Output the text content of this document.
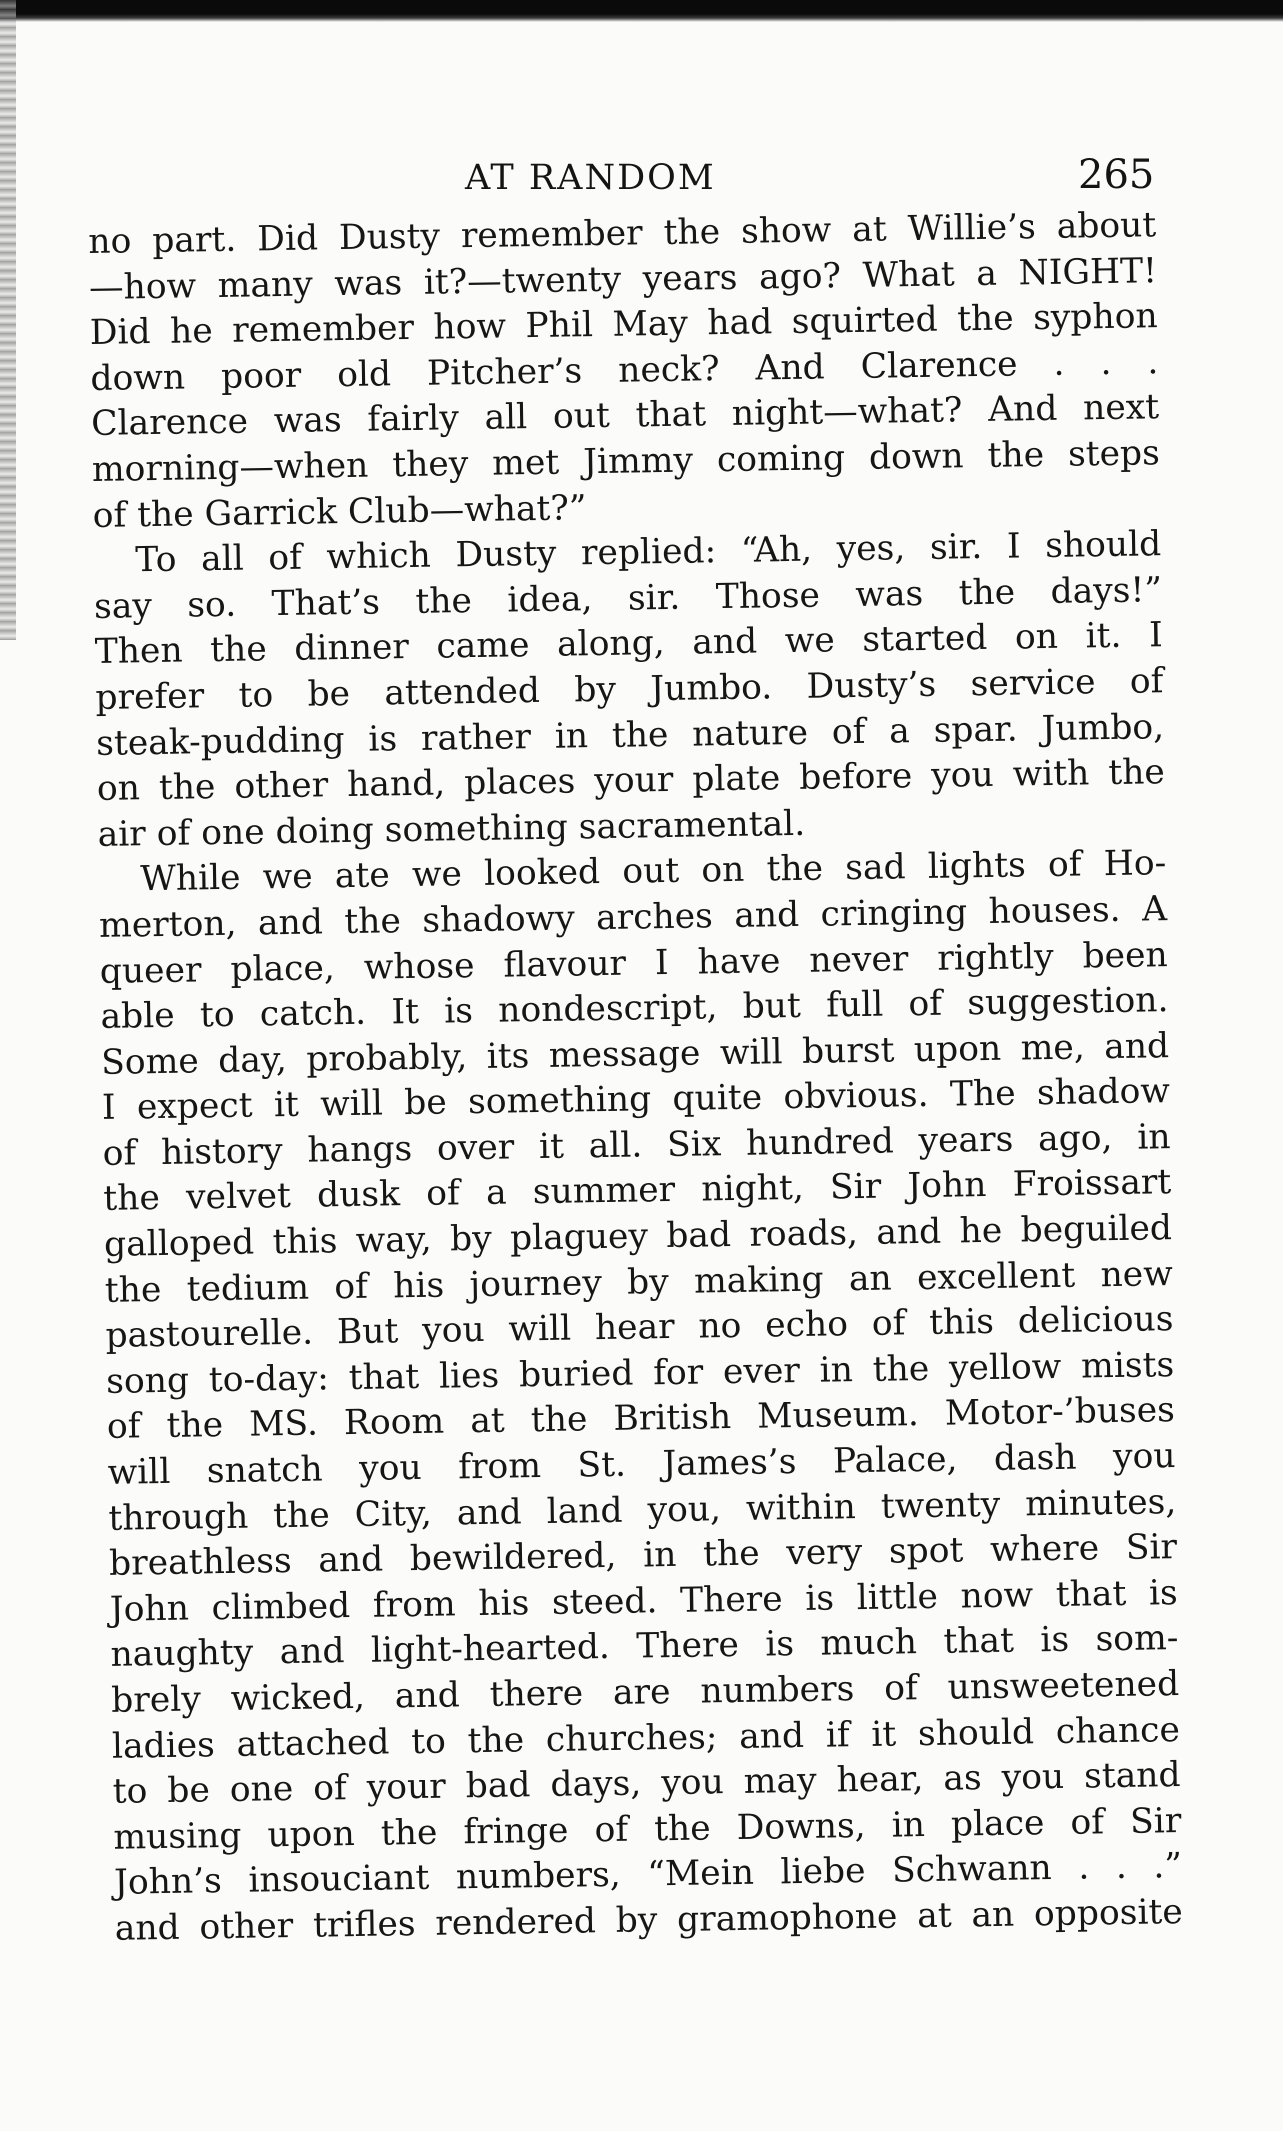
AT RANDOM	265
no part. Did Dusty remember the show at Willie’s about
—how many was it?—twenty years ago? What a NIGHT!
Did he remember how Phil May had squirted the syphon
down poor old Pitcher’s neck? And Clarence . . .
Clarence was fairly all out that night—what? And next
morning—when they met Jimmy coming down the steps
of the Garrick Club—what?”
To all of which Dusty replied: “Ah, yes, sir. I should
say so. That’s the idea, sir. Those was the days!”
Then the dinner came along, and we started on it. I
prefer to be attended by Jumbo. Dusty’s service of
steak-pudding is rather in the nature of a spar. Jumbo,
on the other hand, places your plate before you with the
air of one doing something sacramental.
While we ate we looked out on the sad lights of Ho-
merton, and the shadowy arches and cringing houses. A
queer place, whose flavour I have never rightly been
able to catch. It is nondescript, but full of suggestion.
Some day, probably, its message will burst upon me, and
I expect it will be something quite obvious. The shadow
of history hangs over it all. Six hundred years ago, in
the velvet dusk of a summer night, Sir John Froissart
galloped this way, by plaguey bad roads, and he beguiled
the tedium of his journey by making an excellent new
pastourelle. But you will hear no echo of this delicious
song to-day: that lies buried for ever in the yellow mists
of the MS. Room at the British Museum. Motor-’buses
will snatch you from St. James’s Palace, dash you
through the City, and land you, within twenty minutes,
breathless and bewildered, in the very spot where Sir
John climbed from his steed. There is little now that is
naughty and light-hearted. There is much that is som-
brely wicked, and there are numbers of unsweetened
ladies attached to the churches; and if it should chance
to be one of your bad days, you may hear, as you stand
musing upon the fringe of the Downs, in place of Sir
John’s insouciant numbers, “Mein liebe Schwann . . .”
and other trifles rendered by gramophone at an opposite
